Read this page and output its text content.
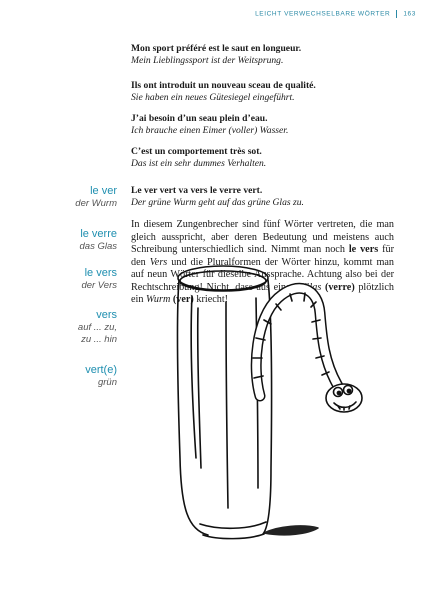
LEICHT VERWECHSELBARE WÖRTER 163
Mon sport préféré est le saut en longueur.
Mein Lieblingssport ist der Weitsprung.
Ils ont introduit un nouveau sceau de qualité.
Sie haben ein neues Gütesiegel eingeführt.
J’ai besoin d’un seau plein d’eau.
Ich brauche einen Eimer (voller) Wasser.
C’est un comportement très sot.
Das ist ein sehr dummes Verhalten.
Le ver vert va vers le verre vert.
Der grüne Wurm geht auf das grüne Glas zu.
le ver
der Wurm
le verre
das Glas
le vers
der Vers
vers
auf ... zu,
zu ... hin
vert(e)
grün
In diesem Zungenbrecher sind fünf Wörter vertreten, die man gleich ausspricht, aber deren Bedeutung und meistens auch Schreibung unterschiedlich sind. Nimmt man noch le vers für den Vers und die Pluralformen der Wörter hinzu, kommt man auf neun Wörter für dieselbe Aussprache. Achtung also bei der Rechtschreibung! Nicht, dass aus einem Glas (verre) plötzlich ein Wurm (ver) kriecht!
